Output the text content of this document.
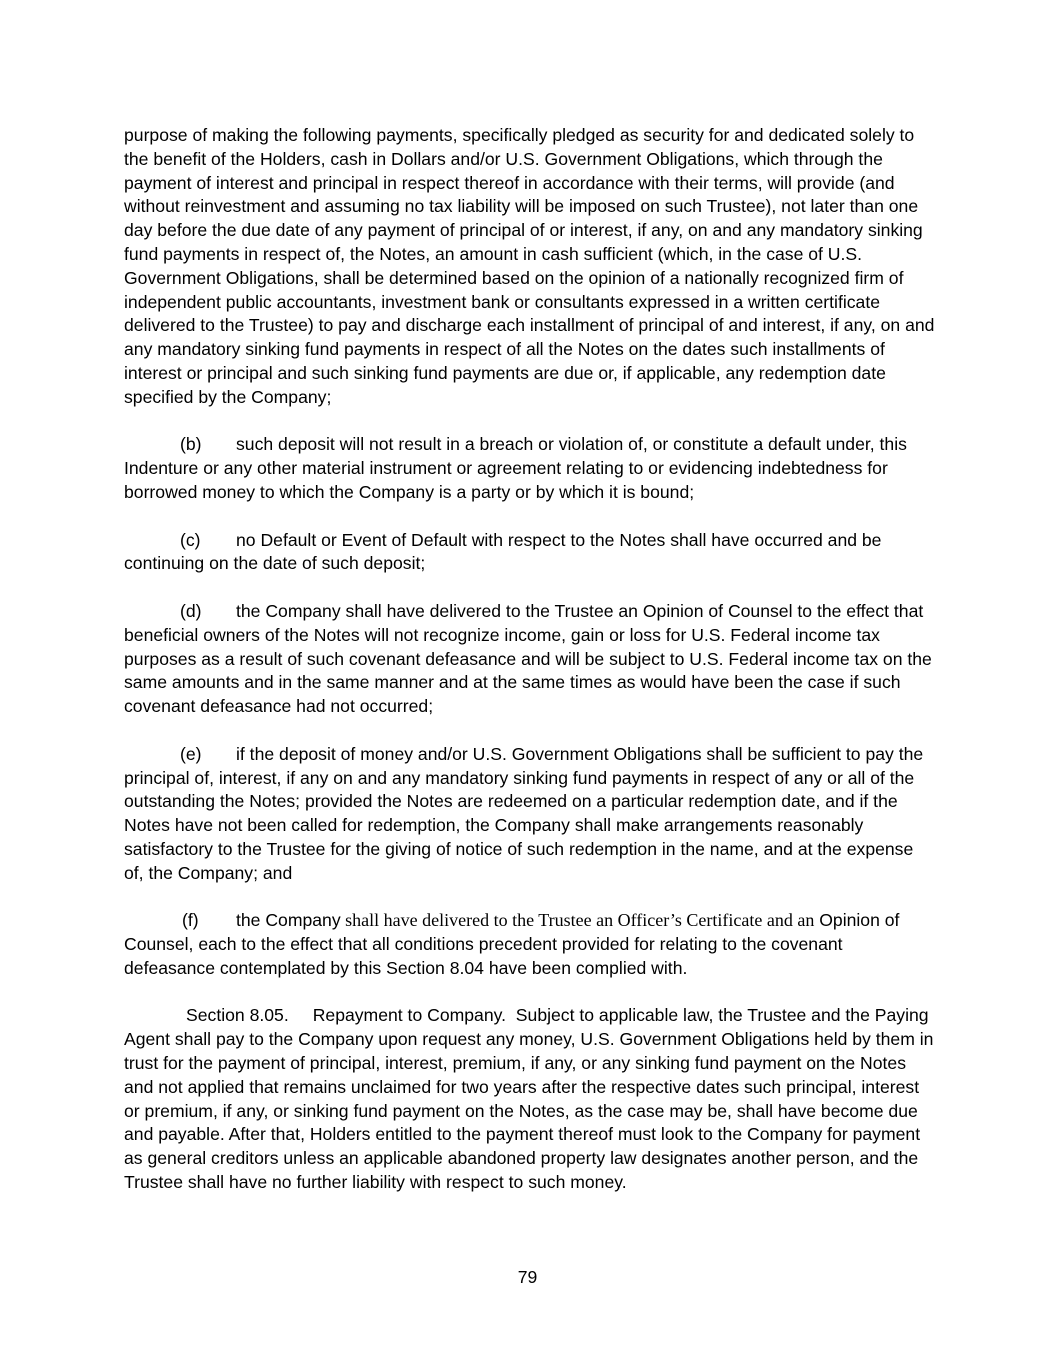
purpose of making the following payments, specifically pledged as security for and dedicated solely to the benefit of the Holders, cash in Dollars and/or U.S. Government Obligations, which through the payment of interest and principal in respect thereof in accordance with their terms, will provide (and without reinvestment and assuming no tax liability will be imposed on such Trustee), not later than one day before the due date of any payment of principal of or interest, if any, on and any mandatory sinking fund payments in respect of, the Notes, an amount in cash sufficient (which, in the case of U.S. Government Obligations, shall be determined based on the opinion of a nationally recognized firm of independent public accountants, investment bank or consultants expressed in a written certificate delivered to the Trustee) to pay and discharge each installment of principal of and interest, if any, on and any mandatory sinking fund payments in respect of all the Notes on the dates such installments of interest or principal and such sinking fund payments are due or, if applicable, any redemption date specified by the Company;

(b) such deposit will not result in a breach or violation of, or constitute a default under, this Indenture or any other material instrument or agreement relating to or evidencing indebtedness for borrowed money to which the Company is a party or by which it is bound;

(c) no Default or Event of Default with respect to the Notes shall have occurred and be continuing on the date of such deposit;

(d) the Company shall have delivered to the Trustee an Opinion of Counsel to the effect that beneficial owners of the Notes will not recognize income, gain or loss for U.S. Federal income tax purposes as a result of such covenant defeasance and will be subject to U.S. Federal income tax on the same amounts and in the same manner and at the same times as would have been the case if such covenant defeasance had not occurred;

(e) if the deposit of money and/or U.S. Government Obligations shall be sufficient to pay the principal of, interest, if any on and any mandatory sinking fund payments in respect of any or all of the outstanding the Notes; provided the Notes are redeemed on a particular redemption date, and if the Notes have not been called for redemption, the Company shall make arrangements reasonably satisfactory to the Trustee for the giving of notice of such redemption in the name, and at the expense of, the Company; and

(f) the Company shall have delivered to the Trustee an Officer’s Certificate and an Opinion of Counsel, each to the effect that all conditions precedent provided for relating to the covenant defeasance contemplated by this Section 8.04 have been complied with.

Section 8.05. Repayment to Company. Subject to applicable law, the Trustee and the Paying Agent shall pay to the Company upon request any money, U.S. Government Obligations held by them in trust for the payment of principal, interest, premium, if any, or any sinking fund payment on the Notes and not applied that remains unclaimed for two years after the respective dates such principal, interest or premium, if any, or sinking fund payment on the Notes, as the case may be, shall have become due and payable. After that, Holders entitled to the payment thereof must look to the Company for payment as general creditors unless an applicable abandoned property law designates another person, and the Trustee shall have no further liability with respect to such money.

79
